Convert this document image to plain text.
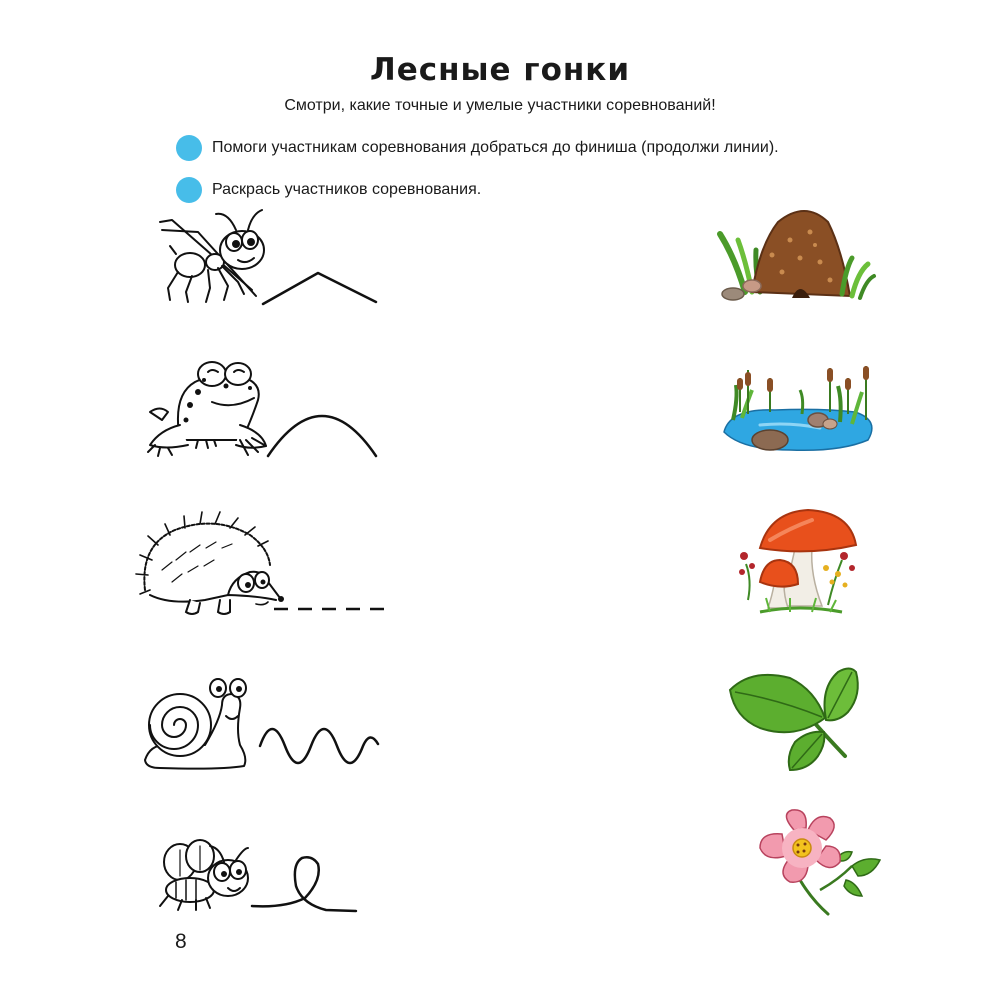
Лесные гонки
Смотри, какие точные и умелые участники соревнований!
Помоги участникам соревнования добраться до финиша (продолжи линии).
Раскрась участников соревнования.
8
